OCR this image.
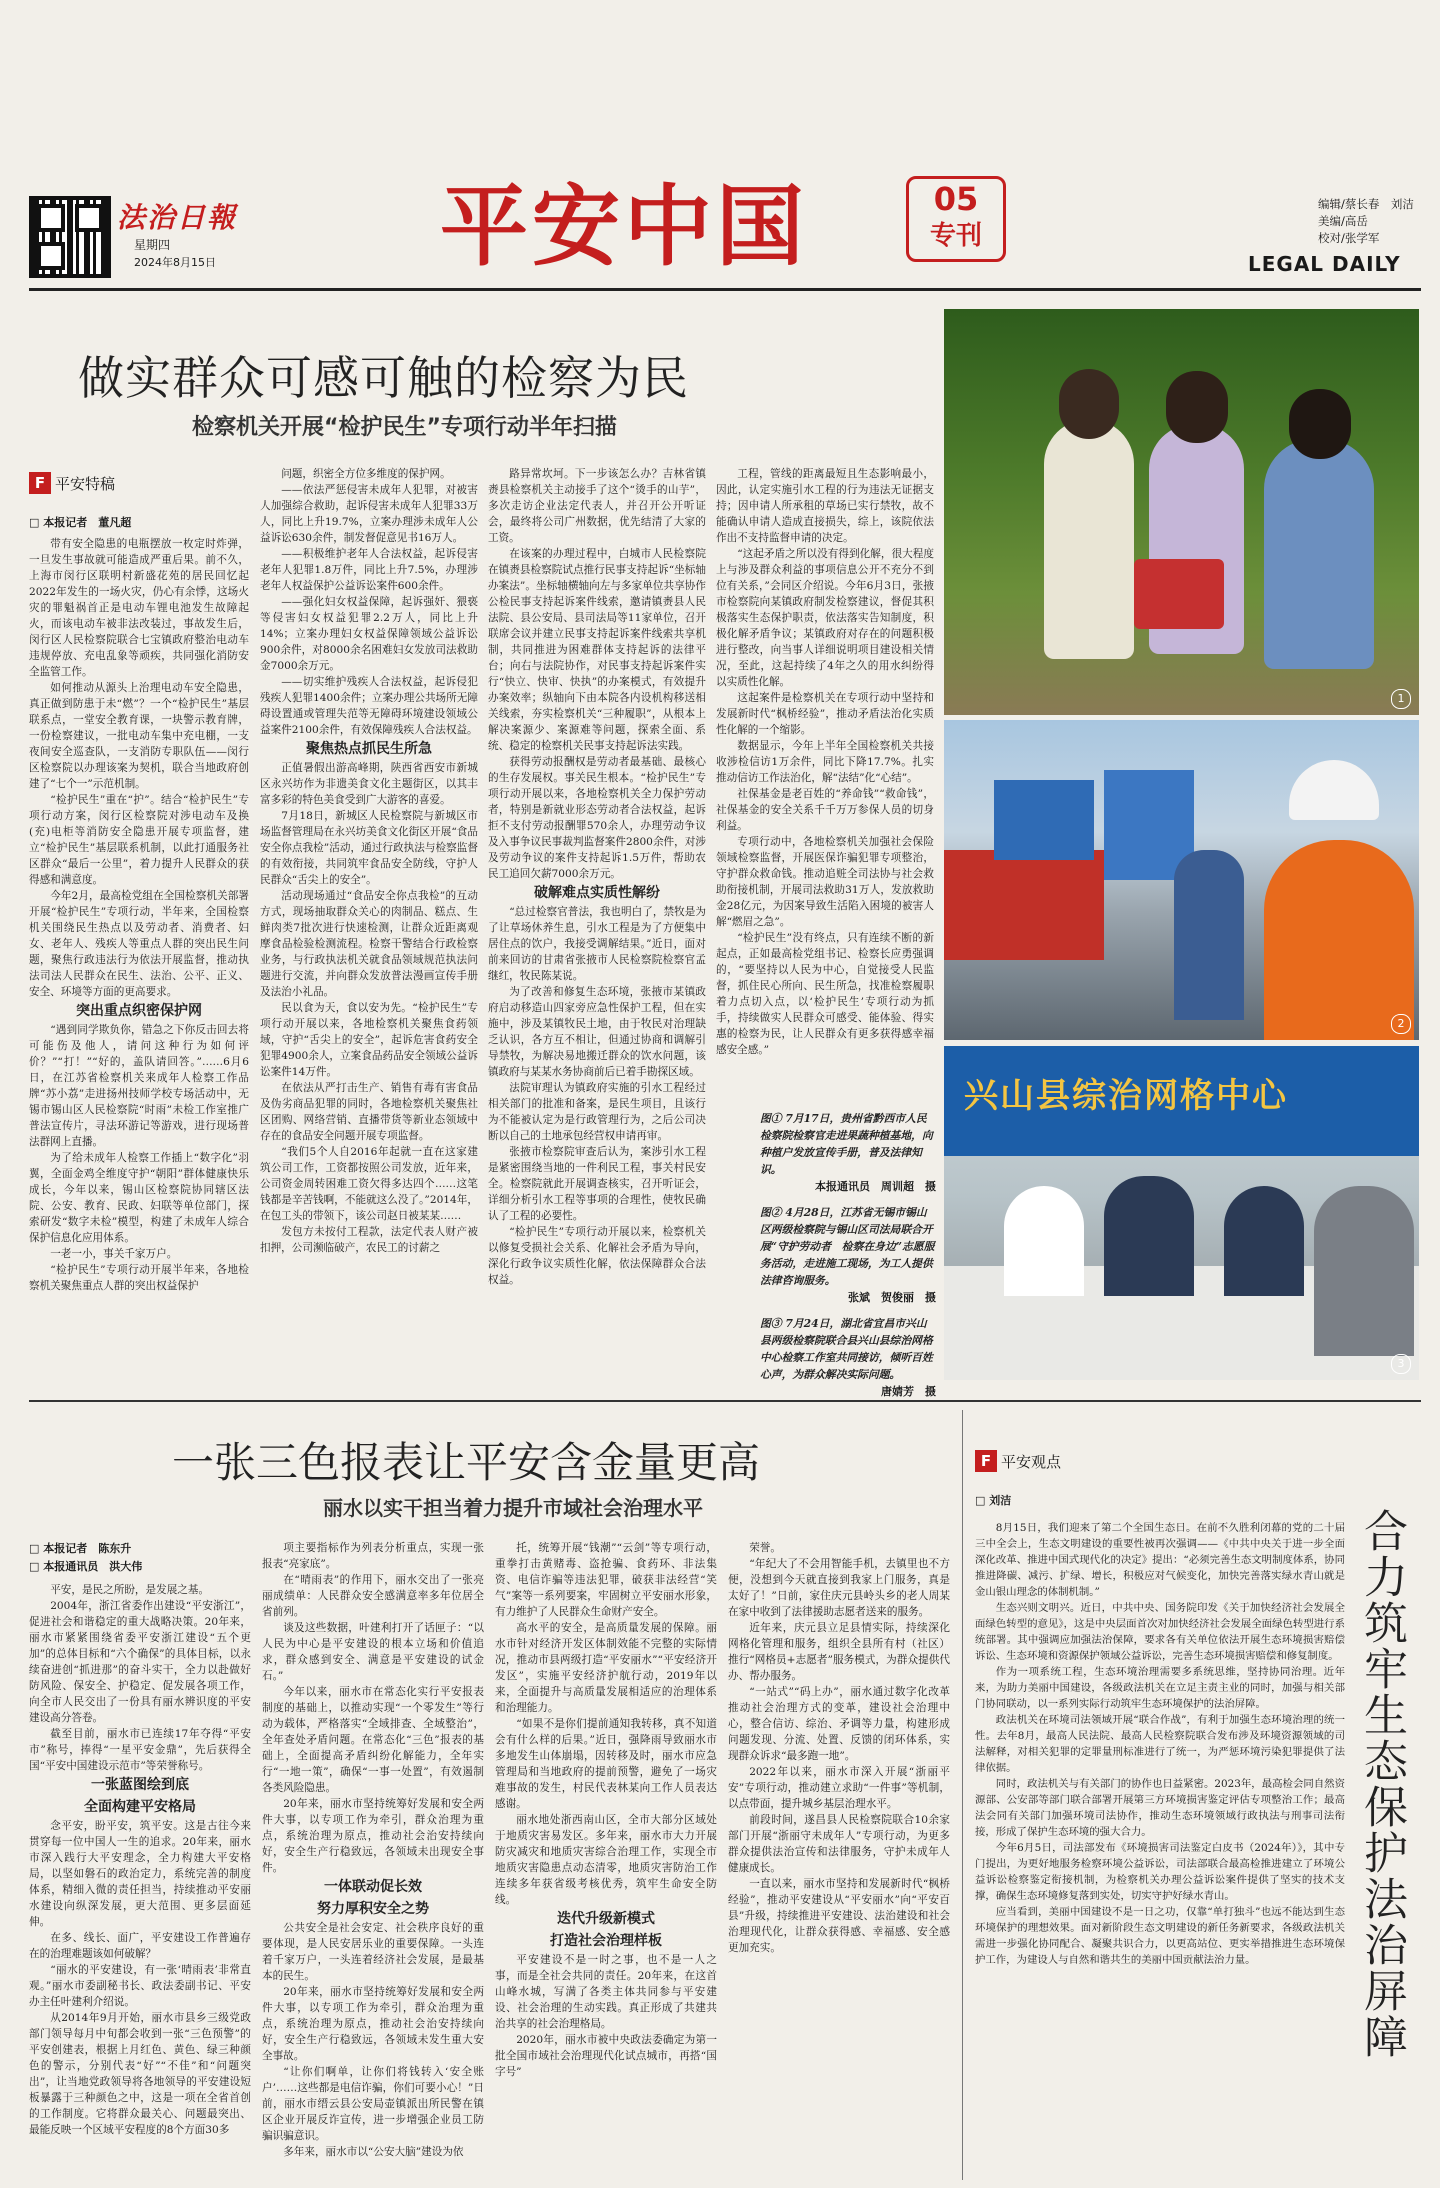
法治日報
星期四
2024年8月15日	平安中国	05
专刊
编辑/蔡长春　刘洁
美编/高岳
校对/张学军
LEGAL DAILY
做实群众可感可触的检察为民
检察机关开展“检护民生”专项行动半年扫描
F 平安特稿
□ 本报记者　董凡超

带有安全隐患的电瓶摆放一枚定时炸弹，一旦发生事故就可能造成严重后果。前不久，上海市闵行区联明村新盛花苑的居民回忆起2022年发生的一场火灾，仍心有余悸，这场火灾的罪魁祸首正是电动车锂电池发生故障起火，而该电动车被非法改装过，事故发生后，闵行区人民检察院联合七宝镇政府整治电动车违规停放、充电乱象等顽疾，共同强化消防安全监管工作。

如何推动从源头上治理电动车安全隐患，真正做到防患于未“燃”？一个“检护民生”基层联系点，一堂安全教育课，一块警示教育牌，一份检察建议，一批电动车集中充电棚，一支夜间安全巡查队，一支消防专职队伍——闵行区检察院以办理该案为契机，联合当地政府创建了“七个一”示范机制。

“检护民生”重在“护”。结合“检护民生”专项行动方案，闵行区检察院对涉电动车及换(充)电柜等消防安全隐患开展专项监督，建立“检护民生”基层联系机制，以此打通服务社区群众“最后一公里”，着力提升人民群众的获得感和满意度。

今年2月，最高检党组在全国检察机关部署开展“检护民生”专项行动，半年来，全国检察机关围绕民生热点以及劳动者、消费者、妇女、老年人、残疾人等重点人群的突出民生问题，聚焦行政违法行为依法开展监督，推动执法司法人民群众在民生、法治、公平、正义、安全、环境等方面的更高要求。

突出重点织密保护网

“遇到同学欺负你，错急之下你反击回去将可能伤及他人，请问这种行为如何评价？”“打！”“好的，盖队请回答。”……6月6日，在江苏省检察机关来成年人检察工作品牌“苏小荔”走进扬州技师学校专场活动中，无锡市锡山区人民检察院“时雨”未检工作室推广普法宣传片，寻法环游记等游戏，进行现场普法群网上直播。

为了给未成年人检察工作插上“数字化”羽翼，全面金鸡全维度守护“朝阳”群体健康快乐成长，今年以来，锡山区检察院协同辖区法院、公安、教育、民政、妇联等单位部门，探索研发“数字未检”模型，构建了未成年人综合保护信息化应用体系。

一老一小，事关千家万户。

“检护民生”专项行动开展半年来，各地检察机关聚焦重点人群的突出权益保护

问题，织密全方位多维度的保护网。

——依法严惩侵害未成年人犯罪，对被害人加强综合救助，起诉侵害未成年人犯罪33万人，同比上升19.7%，立案办理涉未成年人公益诉讼630余件，制发督促意见书16万人。

——积极维护老年人合法权益，起诉侵害老年人犯罪1.8万件，同比上升7.5%，办理涉老年人权益保护公益诉讼案件600余件。

——强化妇女权益保障，起诉强奸、猥亵等侵害妇女权益犯罪2.2万人，同比上升14%；立案办理妇女权益保障领域公益诉讼900余件，对8000余名困难妇女发放司法救助金7000余万元。

——切实维护残疾人合法权益，起诉侵犯残疾人犯罪1400余件；立案办理公共场所无障碍设置通或管理失范等无障碍环境建设领域公益案件2100余件，有效保障残疾人合法权益。

聚焦热点抓民生所急

正值暑假出游高峰期，陕西省西安市新城区永兴坊作为非遗美食文化主题街区，以其丰富多彩的特色美食受到广大游客的喜爱。

7月18日，新城区人民检察院与新城区市场监督管理局在永兴坊美食文化街区开展“食品安全你点我检”活动，通过行政执法与检察监督的有效衔接，共同筑牢食品安全防线，守护人民群众“舌尖上的安全”。

活动现场通过“食品安全你点我检”的互动方式，现场抽取群众关心的肉制品、糕点、生鲜肉类7批次进行快速检测，让群众近距离观摩食品检验检测流程。检察干警结合行政检察业务，与行政执法机关就食品领域规范执法问题进行交流，并向群众发放普法漫画宣传手册及法治小礼品。

民以食为天，食以安为先。“检护民生”专项行动开展以来，各地检察机关聚焦食药领域，守护“舌尖上的安全”，起诉危害食药安全犯罪4900余人，立案食品药品安全领域公益诉讼案件14万件。

在依法从严打击生产、销售有毒有害食品及伪劣商品犯罪的同时，各地检察机关聚焦社区团购、网络营销、直播带货等新业态领域中存在的食品安全问题开展专项监督。

“我们5个人自2016年起就一直在这家建筑公司工作，工资都按照公司发放，近年来，公司资金周转困难工资欠得多达四个……这笔钱都是辛苦钱啊，不能就这么没了。”2014年，在包工头的带领下，该公司赵日被某某……

发包方未按付工程款，法定代表人财产被扣押，公司濒临破产，农民工的讨薪之

路异常坎坷。下一步该怎么办？吉林省镇赉县检察机关主动接手了这个“烫手的山芋”，多次走访企业法定代表人，并召开公开听证会，最终将公司广州数据，优先结清了大家的工资。

在该案的办理过程中，白城市人民检察院在镇赉县检察院试点推行民事支持起诉“坐标轴办案法”。坐标轴横轴向左与多家单位共享协作公检民事支持起诉案件线索，邀请镇赉县人民法院、县公安局、县司法局等11家单位，召开联席会议并建立民事支持起诉案件线索共享机制，共同推进为困难群体支持起诉的法律平台；向右与法院协作，对民事支持起诉案件实行“快立、快审、快执”的办案模式，有效提升办案效率；纵轴向下由本院各内设机构移送相关线索，夯实检察机关“三种履职”，从根本上解决案源少、案源难等问题，探索全面、系统、稳定的检察机关民事支持起诉法实践。

获得劳动报酬权是劳动者最基础、最核心的生存发展权。事关民生根本。“检护民生”专项行动开展以来，各地检察机关全力保护劳动者，特别是新就业形态劳动者合法权益，起诉拒不支付劳动报酬罪570余人，办理劳动争议及入事争议民事裁判监督案件2800余件，对涉及劳动争议的案件支持起诉1.5万件，帮助农民工追回欠薪7000余万元。

破解难点实质性解纷

“总过检察官普法，我也明白了，禁牧是为了让草场休养生息，引水工程是为了方便集中居住点的饮户，我接受调解结果。”近日，面对前来回访的甘肃省张掖市人民检察院检察官孟继红，牧民陈某说。

为了改善和修复生态环境，张掖市某镇政府启动移造山四家旁应急性保护工程，但在实施中，涉及某镇牧民土地，由于牧民对治理缺乏认识，各方互不相让，但通过协商和调解引导禁牧，为解决易地搬迁群众的饮水问题，该镇政府与某某水务协商前后已着手勘探区域。

法院审理认为镇政府实施的引水工程经过相关部门的批准和备案，是民生项目，且该行为不能被认定为是行政管理行为，之后公司决断以自己的土地承包经营权申请再审。

张掖市检察院审查后认为，案涉引水工程是紧密围绕当地的一件利民工程，事关村民安全。检察院就此开展调查核实，召开听证会，详细分析引水工程等事项的合理性，使牧民确认了工程的必要性。

“检护民生”专项行动开展以来，检察机关以修复受损社会关系、化解社会矛盾为导向，深化行政争议实质性化解，依法保障群众合法权益。

工程，管线的距离最短且生态影响最小，因此，认定实施引水工程的行为违法无证据支持；因申请人所承租的草场已实行禁牧，故不能确认申请人造成直接损失，综上，该院依法作出不支持监督申请的决定。

“这起矛盾之所以没有得到化解，很大程度上与涉及群众利益的事项信息公开不充分不到位有关系，”会同区介绍说。今年6月3日，张掖市检察院向某镇政府制发检察建议，督促其积极落实生态保护职责，依法落实告知制度，积极化解矛盾争议；某镇政府对存在的问题积极进行整改，向当事人详细说明项目建设相关情况，至此，这起持续了4年之久的用水纠纷得以实质性化解。

这起案件是检察机关在专项行动中坚持和发展新时代“枫桥经验”，推动矛盾法治化实质性化解的一个缩影。

数据显示，今年上半年全国检察机关共接收涉检信访1万余件，同比下降17.7%。扎实推动信访工作法治化，解“法结”化“心结”。

社保基金是老百姓的“养命钱”“救命钱”，社保基金的安全关系千千万万参保人员的切身利益。

专项行动中，各地检察机关加强社会保险领域检察监督，开展医保诈骗犯罪专项整治，守护群众救命钱。推动追赃全司法协与社会救助衔接机制，开展司法救助31万人，发放救助金28亿元，为因案导致生活陷入困境的被害人解“燃眉之急”。

“检护民生”没有终点，只有连续不断的新起点，正如最高检党组书记、检察长应勇强调的，“要坚持以人民为中心，自觉接受人民监督，抓住民心所向、民生所急，找准检察履职着力点切入点，以‘检护民生’专项行动为抓手，持续做实人民群众可感受、能体验、得实惠的检察为民，让人民群众有更多获得感幸福感安全感。”

图① 7月17日，贵州省黔西市人民检察院检察官走进果蔬种植基地，向种植户发放宣传手册，普及法律知识。
本报通讯员　周训超　摄
图② 4月28日，江苏省无锡市锡山区两级检察院与锡山区司法局联合开展“守护劳动者　检察在身边”志愿服务活动，走进施工现场，为工人提供法律咨询服务。
张斌　贺俊丽　摄
图③ 7月24日，湖北省宜昌市兴山县两级检察院联合县兴山县综治网格中心检察工作室共同接访，倾听百姓心声，为群众解决实际问题。
唐婧芳　摄
1
2
兴山县综治网格中心
3
一张三色报表让平安含金量更高
丽水以实干担当着力提升市域社会治理水平
□ 本报记者　陈东升
□ 本报通讯员　洪大伟

平安，是民之所盼，是发展之基。

2004年，浙江省委作出建设“平安浙江”，促进社会和谐稳定的重大战略决策。20年来，丽水市紧紧围绕省委平安浙江建设“五个更加”的总体目标和“六个确保”的具体目标，以永续奋进创“抓进那”的奋斗实干，全力以赴做好防风险、保安全、护稳定、促发展各项工作，向全市人民交出了一份具有丽水辨识度的平安建设高分答卷。

截至目前，丽水市已连续17年夺得“平安市”称号，捧得“一星平安金鼎”，先后获得全国“平安中国建设示范市”等荣誉称号。

一张蓝图绘到底

全面构建平安格局

念平安，盼平安，筑平安。这是古往今来贯穿每一位中国人一生的追求。20年来，丽水市深入践行大平安理念，全力构建大平安格局，以坚如磐石的政治定力，系统完善的制度体系，精细入微的责任担当，持续推动平安丽水建设向纵深发展，更大范围、更多层面延伸。

在多、线长、面广，平安建设工作普遍存在的治理难题该如何破解？

“丽水的平安建设，有一张‘晴雨表’非常直观。”丽水市委副秘书长、政法委副书记、平安办主任叶建利介绍说。

从2014年9月开始，丽水市县乡三级党政部门领导每月中旬都会收到一张“三色预警”的平安创建表，根据上月红色、黄色、绿三种颜色的警示，分别代表“好”“不佳”和“问题突出”，让当地党政领导将各地领导的平安建设短板暴露于三种颜色之中，这是一项在全省首创的工作制度。它将群众最关心、问题最突出、最能反映一个区域平安程度的8个方面30多

项主要指标作为列表分析重点，实现一张报表“亮家底”。

在“晴雨表”的作用下，丽水交出了一张亮丽成绩单：人民群众安全感满意率多年位居全省前列。

谈及这些数据，叶建利打开了话匣子：“以人民为中心是平安建设的根本立场和价值追求，群众感到安全、满意是平安建设的试金石。”

今年以来，丽水市在常态化实行平安报表制度的基础上，以推动实现“一个零发生”等行动为载体，严格落实“全域排查、全域整治”，全年查处矛盾问题。在常态化“三色”报表的基础上，全面提高矛盾纠纷化解能力，全年实行“一地一策”，确保“一事一处置”，有效遏制各类风险隐患。

20年来，丽水市坚持统筹好发展和安全两件大事，以专项工作为牵引，群众治理为重点，系统治理为原点，推动社会治安持续向好，安全生产行稳致远，各领域未出现安全事件。

一体联动促长效

努力厚积安全之势

公共安全是社会安定、社会秩序良好的重要体现，是人民安居乐业的重要保障。一头连着千家万户，一头连着经济社会发展，是最基本的民生。

20年来，丽水市坚持统筹好发展和安全两件大事，以专项工作为牵引，群众治理为重点，系统治理为原点，推动社会治安持续向好，安全生产行稳致远，各领域未发生重大安全事故。

“让你们啊单，让你们将钱转入‘安全账户’……这些都是电信诈骗，你们可要小心！”日前，丽水市缙云县公安局壶镇派出所民警在镇区企业开展反诈宣传，进一步增强企业员工防骗识骗意识。

多年来，丽水市以“公安大脑”建设为依

托，统筹开展“钱潮”“云剑”等专项行动，重拳打击黄赌毒、盗抢骗、食药环、非法集资、电信诈骗等违法犯罪，破获非法经营“笑气”案等一系列要案，牢固树立平安丽水形象，有力维护了人民群众生命财产安全。

高水平的安全，是高质量发展的保障。丽水市针对经济开发区体制效能不完整的实际情况，推动市县两级打造“平安丽水”“平安经济开发区”，实施平安经济护航行动，2019年以来，全面提升与高质量发展相适应的治理体系和治理能力。

“如果不是你们提前通知我转移，真不知道会有什么样的后果。”近日，强降雨导致丽水市多地发生山体崩塌，因转移及时，丽水市应急管理局和当地政府的提前预警，避免了一场灾难事故的发生，村民代表林某向工作人员表达感谢。

丽水地处浙西南山区，全市大部分区域处于地质灾害易发区。多年来，丽水市大力开展防灾减灾和地质灾害综合治理工作，实现全市地质灾害隐患点动态清零，地质灾害防治工作连续多年获省级考核优秀，筑牢生命安全防线。

迭代升级新模式

打造社会治理样板

平安建设不是一时之事，也不是一人之事，而是全社会共同的责任。20年来，在这首山峰水城，写满了各类主体共同参与平安建设、社会治理的生动实践。真正形成了共建共治共享的社会治理格局。

2020年，丽水市被中央政法委确定为第一批全国市域社会治理现代化试点城市，再搭“国字号”

荣誉。

“年纪大了不会用智能手机，去镇里也不方便，没想到今天就直接到我家上门服务，真是太好了！”日前，家住庆元县岭头乡的老人周某在家中收到了法律援助志愿者送来的服务。

近年来，庆元县立足县情实际，持续深化网格化管理和服务，组织全县所有村（社区）推行“网格员+志愿者”服务模式，为群众提供代办、帮办服务。

“一站式”“码上办”，丽水通过数字化改革推动社会治理方式的变革，建设社会治理中心，整合信访、综治、矛调等力量，构建形成问题发现、分流、处置、反馈的闭环体系，实现群众诉求“最多跑一地”。

2022年以来，丽水市深入开展“浙丽平安”专项行动，推动建立求助“一件事”等机制，以点带面，提升城乡基层治理水平。

前段时间，遂昌县人民检察院联合10余家部门开展“浙丽守未成年人”专项行动，为更多群众提供法治宣传和法律服务，守护未成年人健康成长。

一直以来，丽水市坚持和发展新时代“枫桥经验”，推动平安建设从“平安丽水”向“平安百县”升级，持续推进平安建设、法治建设和社会治理现代化，让群众获得感、幸福感、安全感更加充实。

F 平安观点
□ 刘洁
合力筑牢生态保护法治屏障

8月15日，我们迎来了第二个全国生态日。在前不久胜利闭幕的党的二十届三中全会上，生态文明建设的重要性被再次强调——《中共中央关于进一步全面深化改革、推进中国式现代化的决定》提出：“必须完善生态文明制度体系，协同推进降碳、减污、扩绿、增长，积极应对气候变化，加快完善落实绿水青山就是金山银山理念的体制机制。”

生态兴则文明兴。近日，中共中央、国务院印发《关于加快经济社会发展全面绿色转型的意见》，这是中央层面首次对加快经济社会发展全面绿色转型进行系统部署。其中强调应加强法治保障，要求各有关单位依法开展生态环境损害赔偿诉讼、生态环境和资源保护领域公益诉讼，完善生态环境损害赔偿和修复制度。

作为一项系统工程，生态环境治理需要多系统思维，坚持协同治理。近年来，为助力美丽中国建设，各级政法机关在立足主责主业的同时，加强与相关部门协同联动，以一系列实际行动筑牢生态环境保护的法治屏障。

政法机关在环境司法领域开展“联合作战”，有利于加强生态环境治理的统一性。去年8月，最高人民法院、最高人民检察院联合发布涉及环境资源领域的司法解释，对相关犯罪的定罪量刑标准进行了统一，为严惩环境污染犯罪提供了法律依据。

同时，政法机关与有关部门的协作也日益紧密。2023年，最高检会同自然资源部、公安部等部门联合部署开展第三方环境损害鉴定评估专项整治工作；最高法会同有关部门加强环境司法协作，推动生态环境领域行政执法与刑事司法衔接，形成了保护生态环境的强大合力。

今年6月5日，司法部发布《环境损害司法鉴定白皮书（2024年）》，其中专门提出，为更好地服务检察环境公益诉讼，司法部联合最高检推进建立了环境公益诉讼检察鉴定衔接机制，为检察机关办理公益诉讼案件提供了坚实的技术支撑，确保生态环境修复落到实处，切实守护好绿水青山。

应当看到，美丽中国建设不是一日之功，仅靠“单打独斗”也远不能达到生态环境保护的理想效果。面对新阶段生态文明建设的新任务新要求，各级政法机关需进一步强化协同配合、凝聚共识合力，以更高站位、更实举措推进生态环境保护工作，为建设人与自然和谐共生的美丽中国贡献法治力量。
